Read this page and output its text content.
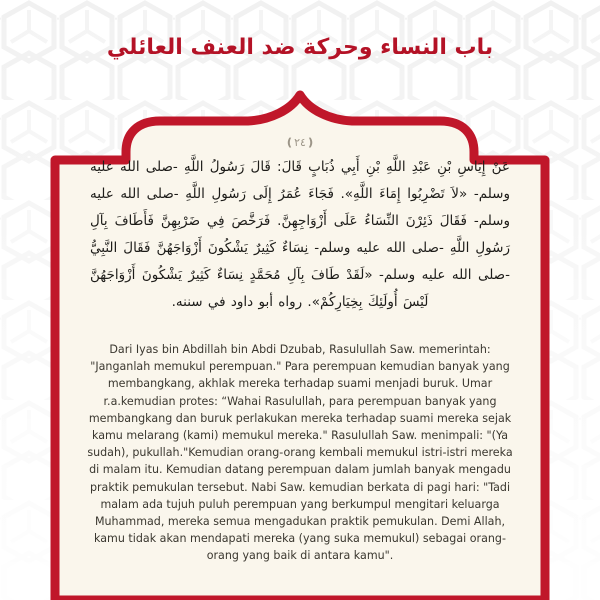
باب النساء وحركة ضد العنف العائلي
❪٢٤❫
عَنْ إِيَاسِ بْنِ عَبْدِ اللَّهِ بْنِ أَبِي ذُبَابٍ قَالَ: قَالَ رَسُولُ اللَّهِ -صلى الله عليه وسلم- «لاَ تَضْرِبُوا إِمَاءَ اللَّهِ». فَجَاءَ عُمَرُ إِلَى رَسُولِ اللَّهِ -صلى الله عليه وسلم- فَقَالَ ذَئِرْنَ النِّسَاءُ عَلَى أَزْوَاجِهِنَّ. فَرَخَّصَ فِي ضَرْبِهِنَّ فَأَطَافَ بِآلِ رَسُولِ اللَّهِ -صلى الله عليه وسلم- نِسَاءٌ كَثِيرٌ يَشْكُونَ أَزْوَاجَهُنَّ فَقَالَ النَّبِيُّ -صلى الله عليه وسلم- «لَقَدْ طَافَ بِآلِ مُحَمَّدٍ نِسَاءٌ كَثِيرٌ يَشْكُونَ أَزْوَاجَهُنَّ لَيْسَ أُولَئِكَ بِخِيَارِكُمْ». رواه أبو داود في سننه.

Dari Iyas bin Abdillah bin Abdi Dzubab, Rasulullah Saw. memerintah: "Janganlah memukul perempuan." Para perempuan kemudian banyak yang membangkang, akhlak mereka terhadap suami menjadi buruk. Umar r.a.kemudian protes: “Wahai Rasulullah, para perempuan banyak yang membangkang dan buruk perlakukan mereka terhadap suami mereka sejak kamu melarang (kami) memukul mereka." Rasulullah Saw. menimpali: "(Ya sudah), pukullah."Kemudian orang-orang kembali memukul istri-istri mereka di malam itu. Kemudian datang perempuan dalam jumlah banyak mengadu praktik pemukulan tersebut. Nabi Saw. kemudian berkata di pagi hari: "Tadi malam ada tujuh puluh perempuan yang berkumpul mengitari keluarga Muhammad, mereka semua mengadukan praktik pemukulan. Demi Allah, kamu tidak akan mendapati mereka (yang suka memukul) sebagai orang-orang yang baik di antara kamu".
